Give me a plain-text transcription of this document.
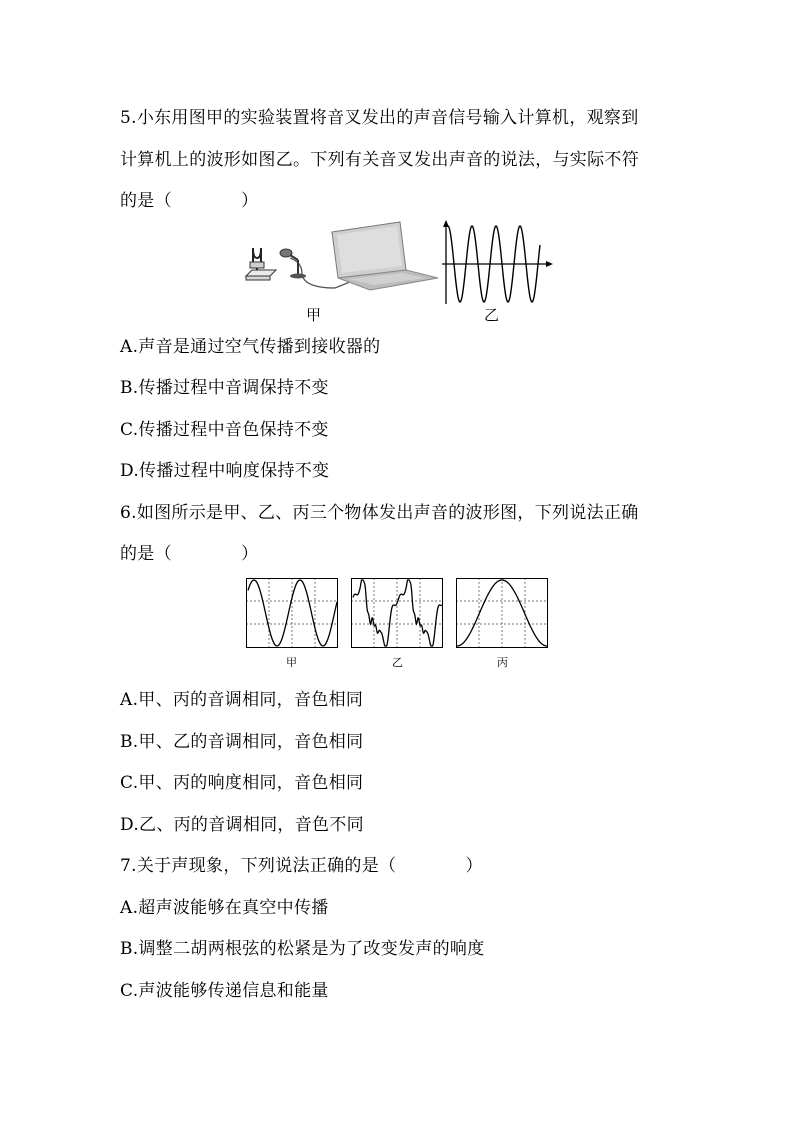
5.小东用图甲的实验装置将音叉发出的声音信号输入计算机，观察到
计算机上的波形如图乙。下列有关音叉发出声音的说法，与实际不符
的是（　　　　）
甲	乙
A.声音是通过空气传播到接收器的
B.传播过程中音调保持不变
C.传播过程中音色保持不变
D.传播过程中响度保持不变
6.如图所示是甲、乙、丙三个物体发出声音的波形图，下列说法正确
的是（　　　　）
甲	乙	丙
A.甲、丙的音调相同，音色相同
B.甲、乙的音调相同，音色相同
C.甲、丙的响度相同，音色相同
D.乙、丙的音调相同，音色不同
7.关于声现象，下列说法正确的是（　　　　）
A.超声波能够在真空中传播
B.调整二胡两根弦的松紧是为了改变发声的响度
C.声波能够传递信息和能量
